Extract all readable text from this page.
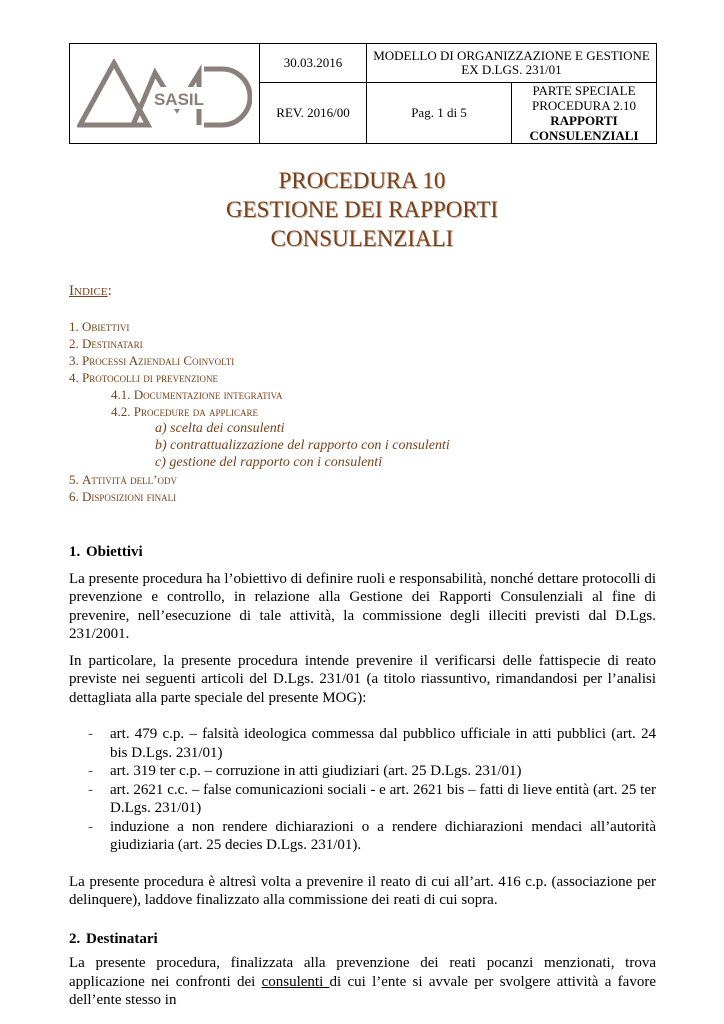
SASIL	30.03.2016	MODELLO DI ORGANIZZAZIONE E GESTIONE EX D.LGS. 231/01	
	REV. 2016/00	Pag. 1 di 5	PARTE SPECIALE
PROCEDURA 2.10
RAPPORTI CONSULENZIALI
PROCEDURA 10
GESTIONE DEI RAPPORTI
CONSULENZIALI
Indice:
1. Obiettivi
2. Destinatari
3. Processi Aziendali Coinvolti
4. Protocolli di prevenzione
4.1. Documentazione integrativa
4.2. Procedure da applicare
a) scelta dei consulenti
b) contrattualizzazione del rapporto con i consulenti
c) gestione del rapporto con i consulenti
5. Attività dell’odv
6. Disposizioni finali

1. Obiettivi

La presente procedura ha l’obiettivo di definire ruoli e responsabilità, nonché dettare protocolli di prevenzione e controllo, in relazione alla Gestione dei Rapporti Consulenziali al fine di prevenire, nell’esecuzione di tale attività, la commissione degli illeciti previsti dal D.Lgs. 231/2001.

In particolare, la presente procedura intende prevenire il verificarsi delle fattispecie di reato previste nei seguenti articoli del D.Lgs. 231/01 (a titolo riassuntivo, rimandandosi per l’analisi dettagliata alla parte speciale del presente MOG):

- art. 479 c.p. – falsità ideologica commessa dal pubblico ufficiale in atti pubblici (art. 24 bis D.Lgs. 231/01)
- art. 319 ter c.p. – corruzione in atti giudiziari (art. 25 D.Lgs. 231/01)
- art. 2621 c.c. – false comunicazioni sociali - e art. 2621 bis – fatti di lieve entità (art. 25 ter D.Lgs. 231/01)
- induzione a non rendere dichiarazioni o a rendere dichiarazioni mendaci all’autorità giudiziaria (art. 25 decies D.Lgs. 231/01).

La presente procedura è altresì volta a prevenire il reato di cui all’art. 416 c.p. (associazione per delinquere), laddove finalizzato alla commissione dei reati di cui sopra.

2. Destinatari

La presente procedura, finalizzata alla prevenzione dei reati pocanzi menzionati, trova applicazione nei confronti dei consulenti di cui l’ente si avvale per svolgere attività a favore dell’ente stesso in
